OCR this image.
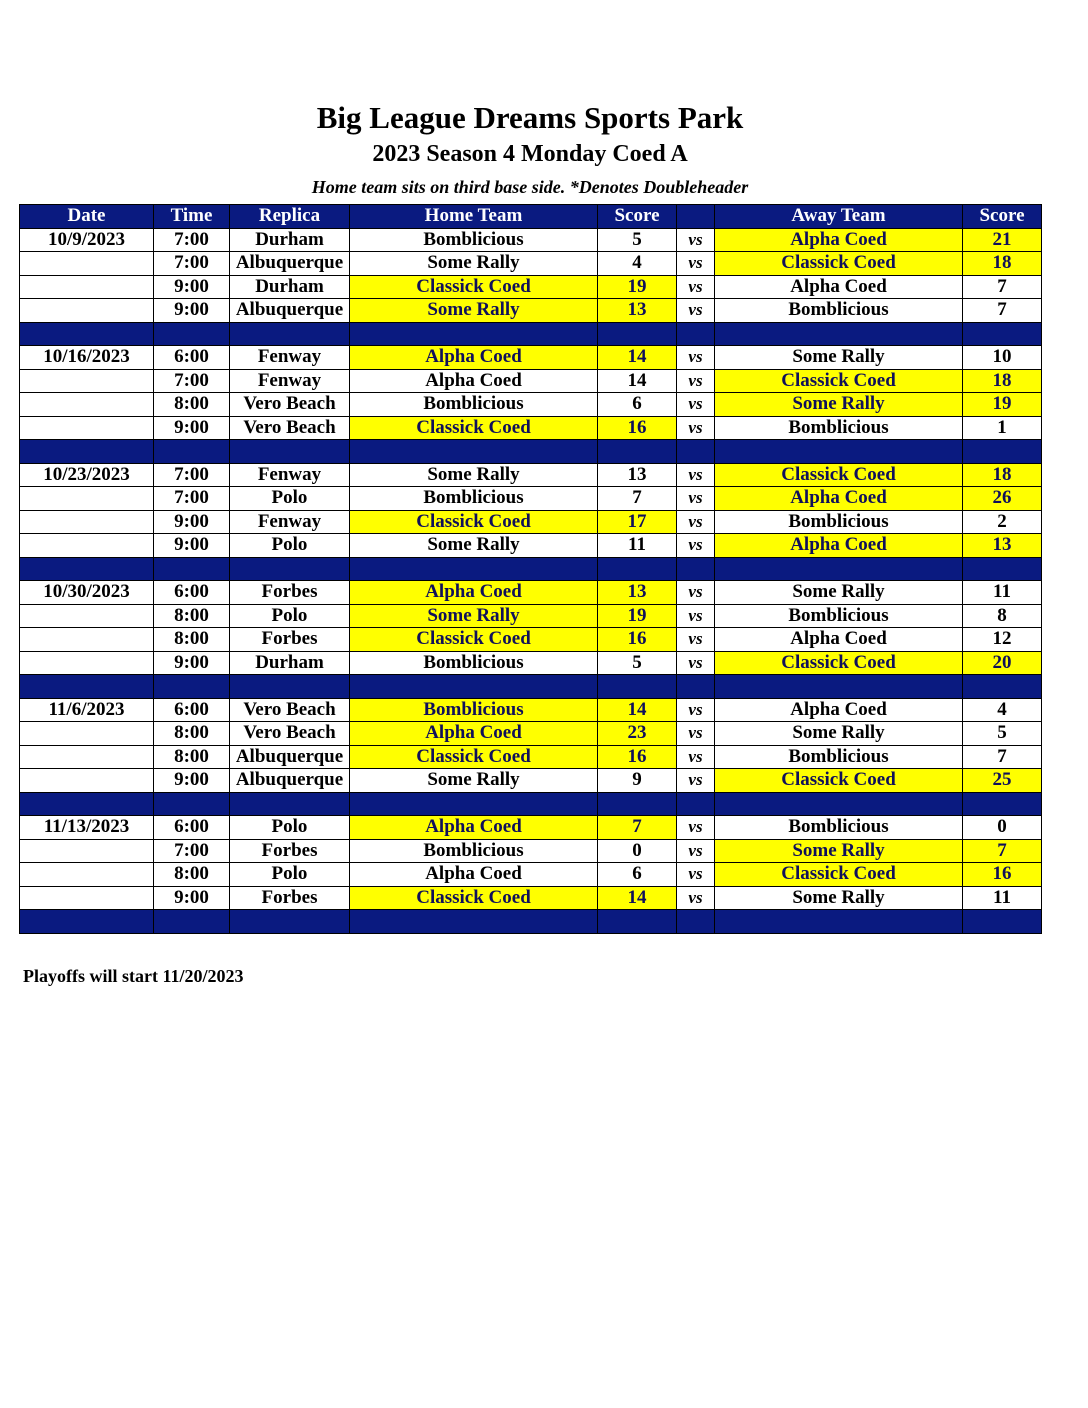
Big League Dreams Sports Park
2023 Season 4 Monday Coed A
Home team sits on third base side. *Denotes Doubleheader
Date	Time	Replica	Home Team	Score		Away Team	Score
10/9/2023	7:00	Durham	Bomblicious	5	vs	Alpha Coed	21
	7:00	Albuquerque	Some Rally	4	vs	Classick Coed	18
	9:00	Durham	Classick Coed	19	vs	Alpha Coed	7
	9:00	Albuquerque	Some Rally	13	vs	Bomblicious	7

10/16/2023	6:00	Fenway	Alpha Coed	14	vs	Some Rally	10
	7:00	Fenway	Alpha Coed	14	vs	Classick Coed	18
	8:00	Vero Beach	Bomblicious	6	vs	Some Rally	19
	9:00	Vero Beach	Classick Coed	16	vs	Bomblicious	1

10/23/2023	7:00	Fenway	Some Rally	13	vs	Classick Coed	18
	7:00	Polo	Bomblicious	7	vs	Alpha Coed	26
	9:00	Fenway	Classick Coed	17	vs	Bomblicious	2
	9:00	Polo	Some Rally	11	vs	Alpha Coed	13

10/30/2023	6:00	Forbes	Alpha Coed	13	vs	Some Rally	11
	8:00	Polo	Some Rally	19	vs	Bomblicious	8
	8:00	Forbes	Classick Coed	16	vs	Alpha Coed	12
	9:00	Durham	Bomblicious	5	vs	Classick Coed	20

11/6/2023	6:00	Vero Beach	Bomblicious	14	vs	Alpha Coed	4
	8:00	Vero Beach	Alpha Coed	23	vs	Some Rally	5
	8:00	Albuquerque	Classick Coed	16	vs	Bomblicious	7
	9:00	Albuquerque	Some Rally	9	vs	Classick Coed	25

11/13/2023	6:00	Polo	Alpha Coed	7	vs	Bomblicious	0
	7:00	Forbes	Bomblicious	0	vs	Some Rally	7
	8:00	Polo	Alpha Coed	6	vs	Classick Coed	16
	9:00	Forbes	Classick Coed	14	vs	Some Rally	11

Playoffs will start 11/20/2023
